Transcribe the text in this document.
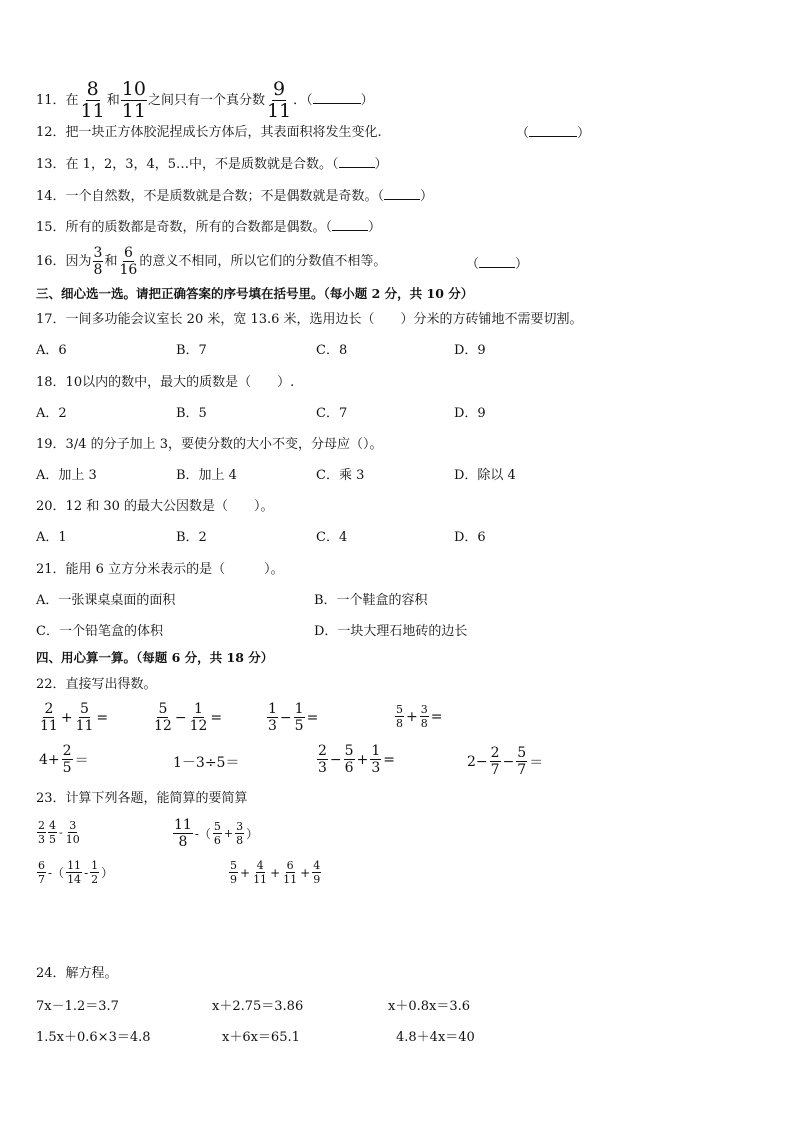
11．在 $\frac{8}{11}$ 和 $\frac{10}{11}$ 之间只有一个真分数 $\frac{9}{11}$ ．（	）
12．把一块正方体胶泥捏成长方体后，其表面积将发生变化.	（	）
13．在 1，2，3，4，5…中，不是质数就是合数。（	）
14．一个自然数，不是质数就是合数；不是偶数就是奇数。（	）
15．所有的质数都是奇数，所有的合数都是偶数。（	）
16．因为 $\frac{3}{8}$ 和 $\frac{6}{16}$ 的意义不相同，所以它们的分数值不相等。	（	）
三、细心选一选。请把正确答案的序号填在括号里。（每小题 2 分，共 10 分）
17．一间多功能会议室长 20 米，宽 13.6 米，选用边长（　　）分米的方砖铺地不需要切割。
A．6	B．7	C．8	D．9
18．10以内的数中，最大的质数是（　　）.
A．2	B．5	C．7	D．9
19．3/4 的分子加上 3，要使分数的大小不变，分母应（）。
A．加上 3	B．加上 4	C．乘 3	D．除以 4
20．12 和 30 的最大公因数是（　　）。
A．1	B．2	C．4	D．6
21．能用 6 立方分米表示的是（　　　）。
A．一张课桌桌面的面积	B．一个鞋盒的容积
C．一个铅笔盒的体积	D．一块大理石地砖的边长
四、用心算一算。（每题 6 分，共 18 分）
22．直接写出得数。
$\frac{2}{11} + \frac{5}{11}$ =	$\frac{5}{12} - \frac{1}{12}$ =	$\frac{1}{3} - \frac{1}{5}$ =	$\frac{5}{8} + \frac{3}{8}$ =
$4+ \frac{2}{5}$ ＝	1－3÷5＝	$\frac{2}{3} - \frac{5}{6} + \frac{1}{3}$ =	$2- \frac{2}{7} - \frac{5}{7}$ ＝
23．计算下列各题，能简算的要简算
$\frac{2}{3} \frac{4}{5} - \frac{3}{10}$	$\frac{11}{8}$ -（ $\frac{5}{6} + \frac{3}{8}$ ）
$\frac{6}{7}$ -（ $\frac{11}{14} - \frac{1}{2}$ ）	$\frac{5}{9} + \frac{4}{11} + \frac{6}{11} + \frac{4}{9}$
24．解方程。
7x－1.2＝3.7	x＋2.75＝3.86	x＋0.8x＝3.6
1.5x＋0.6×3＝4.8	x＋6x＝65.1	4.8＋4x＝40
